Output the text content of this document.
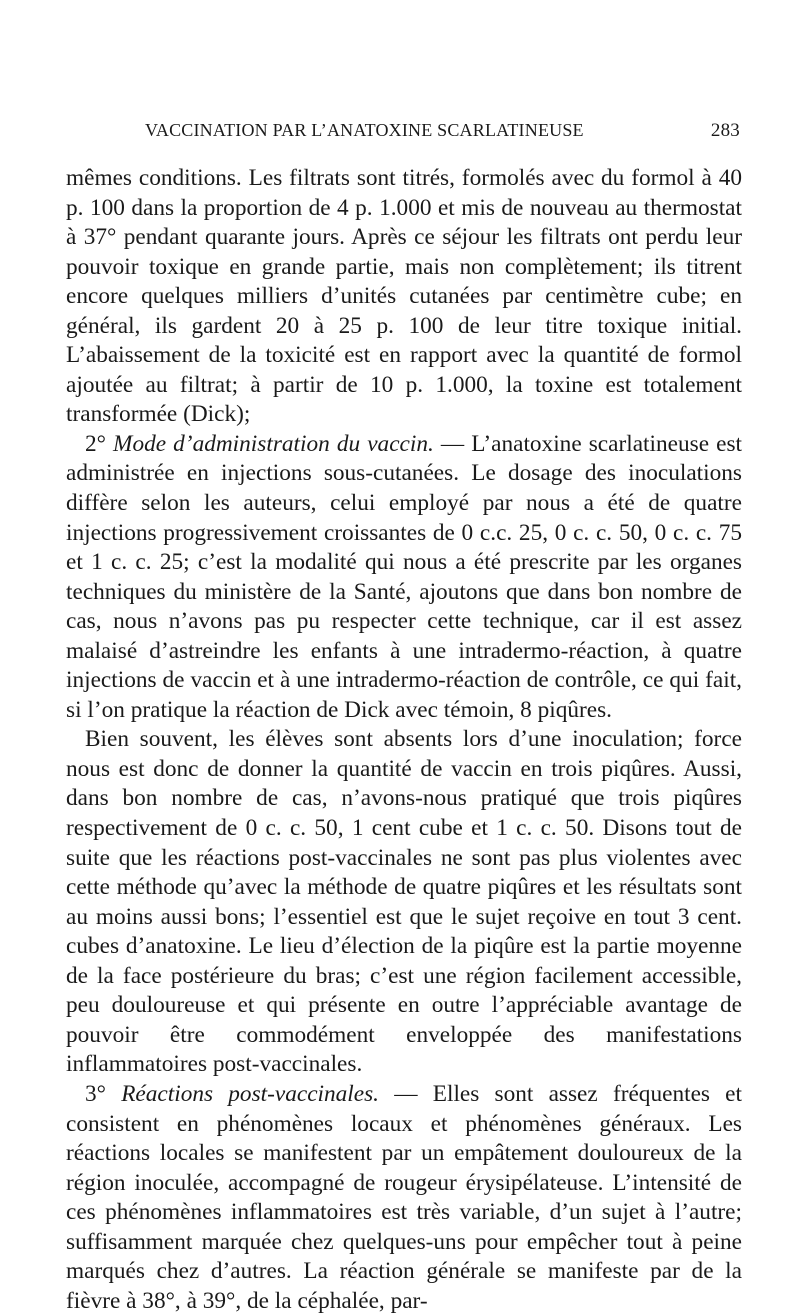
VACCINATION PAR L’ANATOXINE SCARLATINEUSE	283

mêmes conditions. Les filtrats sont titrés, formolés avec du formol à 40 p. 100 dans la proportion de 4 p. 1.000 et mis de nouveau au thermostat à 37° pendant quarante jours. Après ce séjour les filtrats ont perdu leur pouvoir toxique en grande partie, mais non complètement; ils titrent encore quelques milliers d’unités cutanées par centimètre cube; en général, ils gardent 20 à 25 p. 100 de leur titre toxique initial. L’abaissement de la toxicité est en rapport avec la quantité de formol ajoutée au filtrat; à partir de 10 p. 1.000, la toxine est totalement transformée (Dick);

2° Mode d’administration du vaccin. — L’anatoxine scarlatineuse est administrée en injections sous-cutanées. Le dosage des inoculations diffère selon les auteurs, celui employé par nous a été de quatre injections progressivement croissantes de 0 c.c. 25, 0 c. c. 50, 0 c. c. 75 et 1 c. c. 25; c’est la modalité qui nous a été prescrite par les organes techniques du ministère de la Santé, ajoutons que dans bon nombre de cas, nous n’avons pas pu respecter cette technique, car il est assez malaisé d’astreindre les enfants à une intradermo-réaction, à quatre injections de vaccin et à une intradermo-réaction de contrôle, ce qui fait, si l’on pratique la réaction de Dick avec témoin, 8 piqûres.

Bien souvent, les élèves sont absents lors d’une inoculation; force nous est donc de donner la quantité de vaccin en trois piqûres. Aussi, dans bon nombre de cas, n’avons-nous pratiqué que trois piqûres respectivement de 0 c. c. 50, 1 cent cube et 1 c. c. 50. Disons tout de suite que les réactions post-vaccinales ne sont pas plus violentes avec cette méthode qu’avec la méthode de quatre piqûres et les résultats sont au moins aussi bons; l’essentiel est que le sujet reçoive en tout 3 cent. cubes d’anatoxine. Le lieu d’élection de la piqûre est la partie moyenne de la face postérieure du bras; c’est une région facilement accessible, peu douloureuse et qui présente en outre l’appréciable avantage de pouvoir être commodément enveloppée des manifestations inflammatoires post-vaccinales.

3° Réactions post-vaccinales. — Elles sont assez fréquentes et consistent en phénomènes locaux et phénomènes généraux. Les réactions locales se manifestent par un empâtement douloureux de la région inoculée, accompagné de rougeur érysipélateuse. L’intensité de ces phénomènes inflammatoires est très variable, d’un sujet à l’autre; suffisamment marquée chez quelques-uns pour empêcher tout à peine marqués chez d’autres. La réaction générale se manifeste par de la fièvre à 38°, à 39°, de la céphalée, par-
